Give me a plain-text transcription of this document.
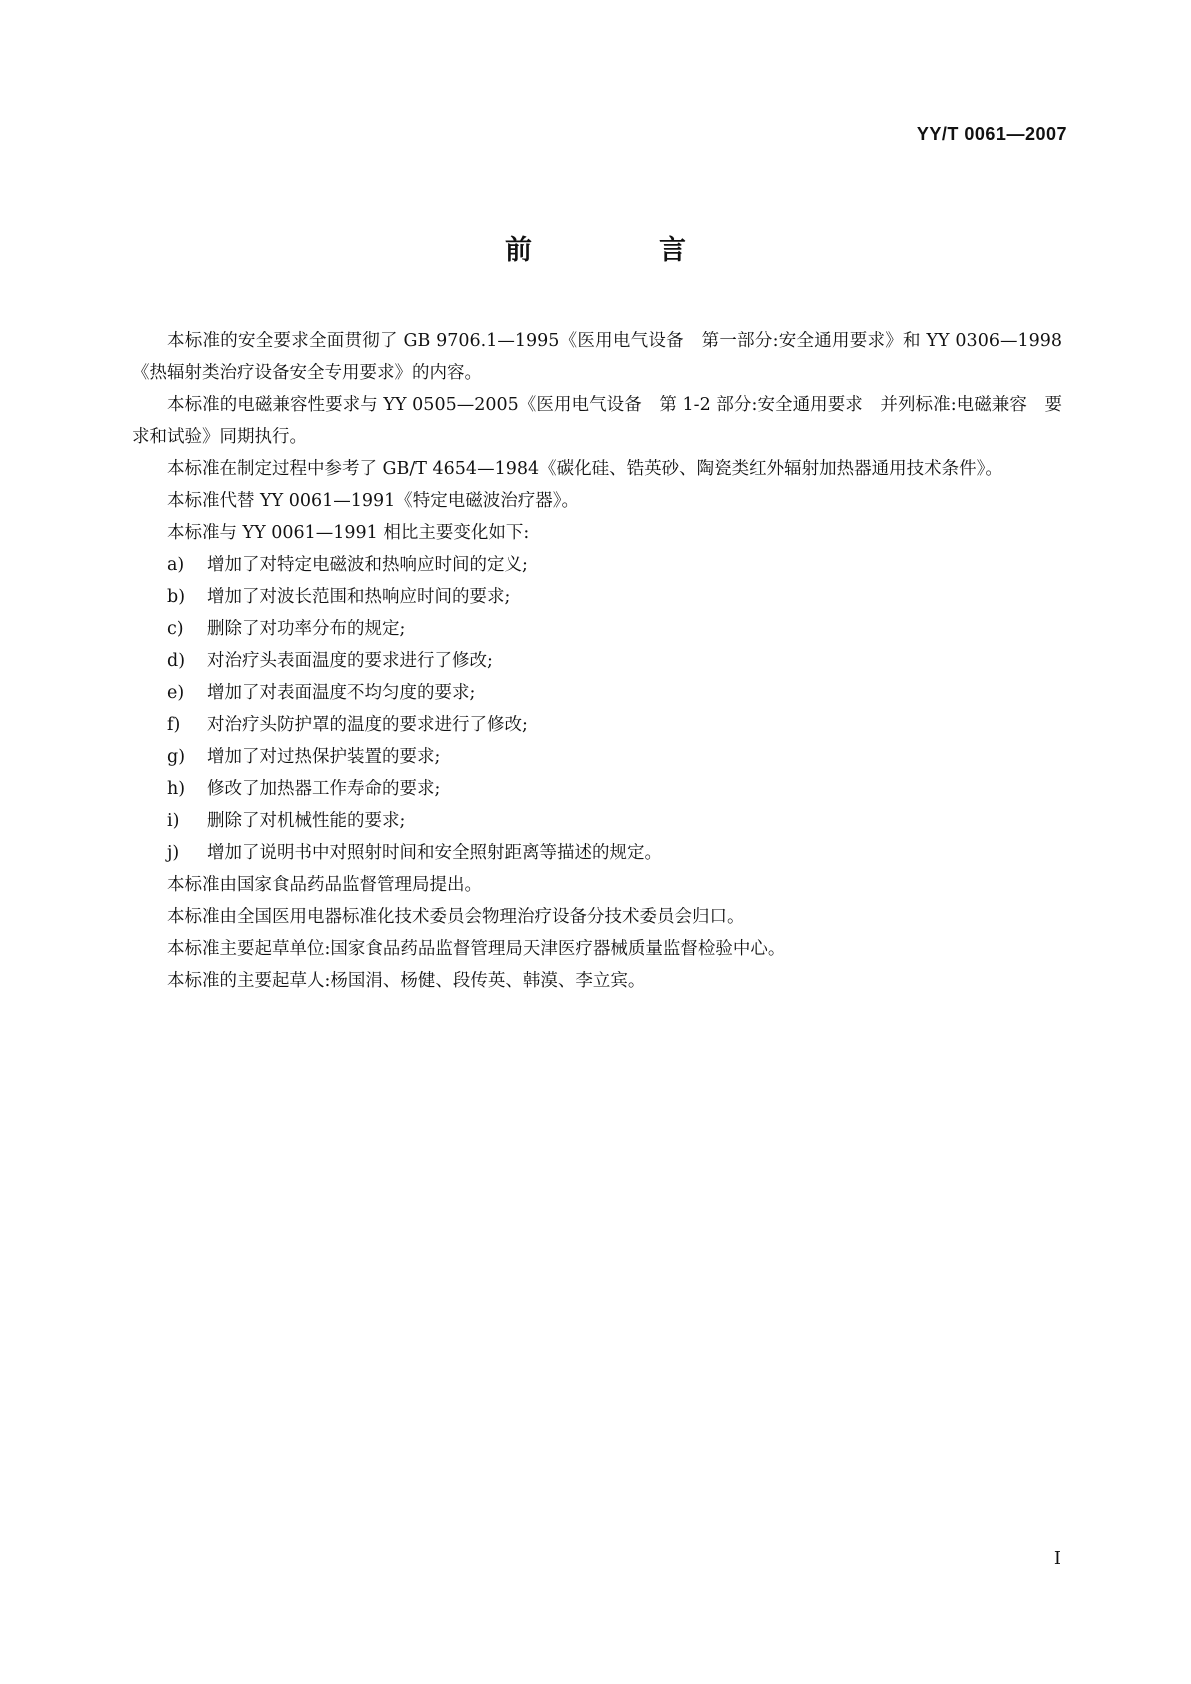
YY/T 0061—2007
前　言

本标准的安全要求全面贯彻了 GB 9706.1—1995《医用电气设备　第一部分:安全通用要求》和 YY 0306—1998《热辐射类治疗设备安全专用要求》的内容。

本标准的电磁兼容性要求与 YY 0505—2005《医用电气设备　第 1-2 部分:安全通用要求　并列标准:电磁兼容　要求和试验》同期执行。

本标准在制定过程中参考了 GB/T 4654—1984《碳化硅、锆英砂、陶瓷类红外辐射加热器通用技术条件》。

本标准代替 YY 0061—1991《特定电磁波治疗器》。

本标准与 YY 0061—1991 相比主要变化如下:

a) 增加了对特定电磁波和热响应时间的定义;

b) 增加了对波长范围和热响应时间的要求;

c) 删除了对功率分布的规定;

d) 对治疗头表面温度的要求进行了修改;

e) 增加了对表面温度不均匀度的要求;

f) 对治疗头防护罩的温度的要求进行了修改;

g) 增加了对过热保护装置的要求;

h) 修改了加热器工作寿命的要求;

i) 删除了对机械性能的要求;

j) 增加了说明书中对照射时间和安全照射距离等描述的规定。

本标准由国家食品药品监督管理局提出。

本标准由全国医用电器标准化技术委员会物理治疗设备分技术委员会归口。

本标准主要起草单位:国家食品药品监督管理局天津医疗器械质量监督检验中心。

本标准的主要起草人:杨国涓、杨健、段传英、韩漠、李立宾。

I
